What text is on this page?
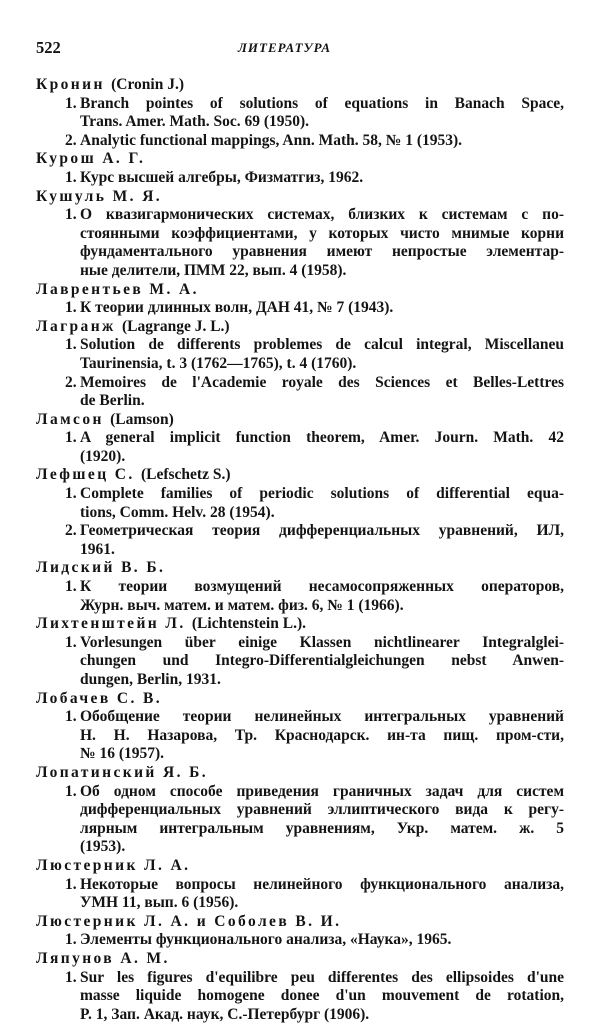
522	ЛИТЕРАТУРА
Кронин (Cronin J.)
1. Branch pointes of solutions of equations in Banach Space,
Trans. Amer. Math. Soc. 69 (1950).
2. Analytic functional mappings, Ann. Math. 58, № 1 (1953).
Курош А. Г.
1. Курс высшей алгебры, Физматгиз, 1962.
Кушуль М. Я.
1. О квазигармонических системах, близких к системам с по-
стоянными коэффициентами, у которых чисто мнимые корни
фундаментального уравнения имеют непростые элементар-
ные делители, ПММ 22, вып. 4 (1958).
Лаврентьев М. А.
1. К теории длинных волн, ДАН 41, № 7 (1943).
Лагранж (Lagrange J. L.)
1. Solution de differents problemes de calcul integral, Miscellaneu
Taurinensia, t. 3 (1762—1765), t. 4 (1760).
2. Memoires de l'Academie royale des Sciences et Belles-Lettres
de Berlin.
Ламсон (Lamson)
1. A general implicit function theorem, Amer. Journ. Math. 42
(1920).
Лефшец С. (Lefschetz S.)
1. Complete families of periodic solutions of differential equa-
tions, Comm. Helv. 28 (1954).
2. Геометрическая теория дифференциальных уравнений, ИЛ,
1961.
Лидский В. Б.
1. К теории возмущений несамосопряженных операторов,
Журн. выч. матем. и матем. физ. 6, № 1 (1966).
Лихтенштейн Л. (Lichtenstein L.).
1. Vorlesungen über einige Klassen nichtlinearer Integralglei-
chungen und Integro-Differentialgleichungen nebst Anwen-
dungen, Berlin, 1931.
Лобачев С. В.
1. Обобщение теории нелинейных интегральных уравнений
Н. Н. Назарова, Тр. Краснодарск. ин-та пищ. пром-сти,
№ 16 (1957).
Лопатинский Я. Б.
1. Об одном способе приведения граничных задач для систем
дифференциальных уравнений эллиптического вида к регу-
лярным интегральным уравнениям, Укр. матем. ж. 5
(1953).
Люстерник Л. А.
1. Некоторые вопросы нелинейного функционального анализа,
УМН 11, вып. 6 (1956).
Люстерник Л. А. и Соболев В. И.
1. Элементы функционального анализа, «Наука», 1965.
Ляпунов А. М.
1. Sur les figures d'equilibre peu differentes des ellipsoides d'une
masse liquide homogene donee d'un mouvement de rotation,
P. 1, Зап. Акад. наук, С.-Петербург (1906).
